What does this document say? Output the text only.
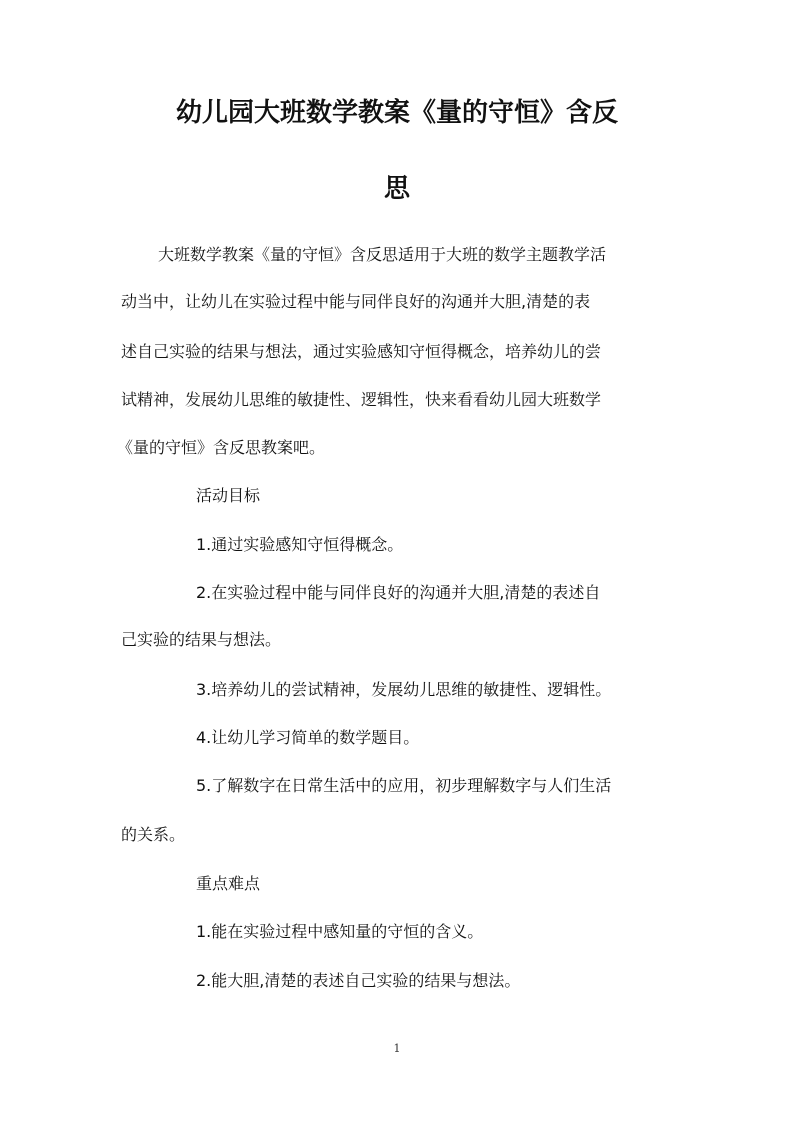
幼儿园大班数学教案《量的守恒》含反
思
大班数学教案《量的守恒》含反思适用于大班的数学主题教学活
动当中，让幼儿在实验过程中能与同伴良好的沟通并大胆,清楚的表
述自己实验的结果与想法，通过实验感知守恒得概念，培养幼儿的尝
试精神，发展幼儿思维的敏捷性、逻辑性，快来看看幼儿园大班数学
《量的守恒》含反思教案吧。
活动目标
1.通过实验感知守恒得概念。
2.在实验过程中能与同伴良好的沟通并大胆,清楚的表述自
己实验的结果与想法。
3.培养幼儿的尝试精神，发展幼儿思维的敏捷性、逻辑性。
4.让幼儿学习简单的数学题目。
5.了解数字在日常生活中的应用，初步理解数字与人们生活
的关系。
重点难点
1.能在实验过程中感知量的守恒的含义。
2.能大胆,清楚的表述自己实验的结果与想法。
1
